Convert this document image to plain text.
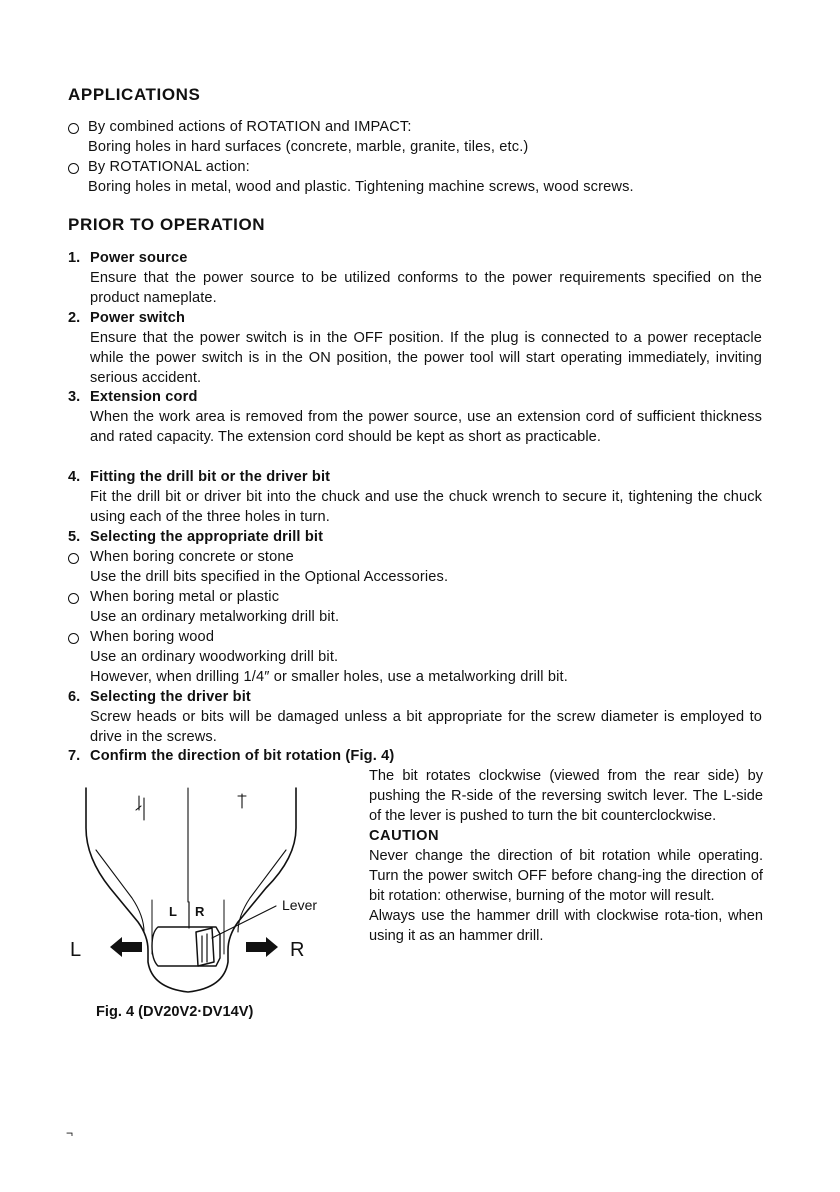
APPLICATIONS
By combined actions of ROTATION and IMPACT:
Boring holes in hard surfaces (concrete, marble, granite, tiles, etc.)
By ROTATIONAL action:
Boring holes in metal, wood and plastic. Tightening machine screws, wood screws.
PRIOR TO OPERATION
1. Power source
Ensure that the power source to be utilized conforms to the power requirements specified on the product nameplate.
2. Power switch
Ensure that the power switch is in the OFF position. If the plug is connected to a power receptacle while the power switch is in the ON position, the power tool will start operating immediately, inviting serious accident.
3. Extension cord
When the work area is removed from the power source, use an extension cord of sufficient thickness and rated capacity. The extension cord should be kept as short as practicable.
4. Fitting the drill bit or the driver bit
Fit the drill bit or driver bit into the chuck and use the chuck wrench to secure it, tightening the chuck using each of the three holes in turn.
5. Selecting the appropriate drill bit
When boring concrete or stone
Use the drill bits specified in the Optional Accessories.
When boring metal or plastic
Use an ordinary metalworking drill bit.
When boring wood
Use an ordinary woodworking drill bit.
However, when drilling 1/4″ or smaller holes, use a metalworking drill bit.
6. Selecting the driver bit
Screw heads or bits will be damaged unless a bit appropriate for the screw diameter is employed to drive in the screws.
7. Confirm the direction of bit rotation (Fig. 4)

The bit rotates clockwise (viewed from the rear side) by pushing the R-side of the reversing switch lever. The L-side of the lever is pushed to turn the bit counterclockwise.

CAUTION

Never change the direction of bit rotation while operating. Turn the power switch OFF before chang-ing the direction of bit rotation: otherwise, burning of the motor will result.

Always use the hammer drill with clockwise rota-tion, when using it as an hammer drill.

L R	Lever
L	R
Fig. 4 (DV20V2·DV14V)
¬
